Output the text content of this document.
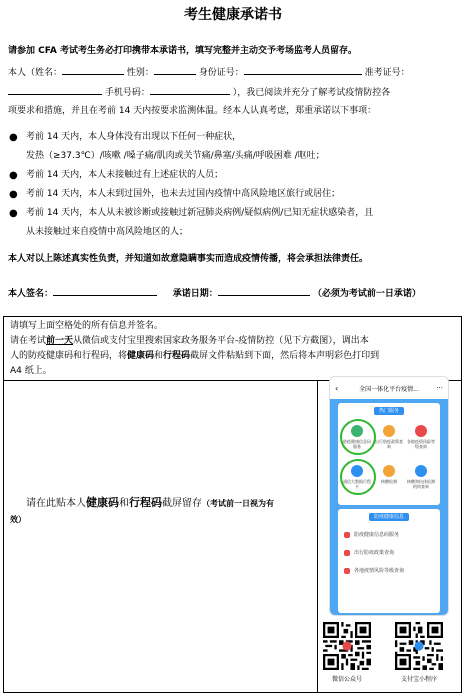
考生健康承诺书
请参加 CFA 考试考生务必打印携带本承诺书，填写完整并主动交予考场监考人员留存。
本人（姓名：	性别：	身份证号：	准考证号：
手机号码：	），我已阅读并充分了解考试疫情防控各
项要求和措施，并且在考前 14 天内按要求监测体温。经本人认真考虑，郑重承诺以下事项：
● 考前 14 天内，本人身体没有出现以下任何一种症状，
发热（≥37.3℃）/咳嗽 /嗓子痛/肌肉或关节痛/鼻塞/头痛/呼吸困难 /呕吐；
● 考前 14 天内，本人未接触过有上述症状的人员；
● 考前 14 天内，本人未到过国外，也未去过国内疫情中高风险地区旅行或居住；
● 考前 14 天内，本人从未被诊断或接触过新冠肺炎病例/疑似病例/已知无症状感染者，且
从未接触过来自疫情中高风险地区的人；
本人对以上陈述真实性负责，并知道如故意隐瞒事实而造成疫情传播，将会承担法律责任。
本人签名：	承诺日期：	（必须为考试前一日承诺）
请填写上面空格处的所有信息并签名。
请在考试前一天从微信或支付宝里搜索国家政务服务平台-疫情防控（见下方截图），调出本
人的防疫健康码和行程码，将健康码和行程码截屏文件粘贴到下面，然后将本声明彩色打印到
A4 纸上。
请在此贴本人健康码和行程码截屏留存（考试前一日视为有
效）
‹	全国一体化平台疫情... ···
热门服务
防疫健康信息码服务
出行防疫政策查询
各地疫情风险等级查询
通信大数据行程卡
核酸检测	核酸和抗体检测机构查询
防疫健康信息
防疫健康信息码服务
出行防疫政策查询
各地疫情风险等级查询
微信公众号	支付宝小程序
